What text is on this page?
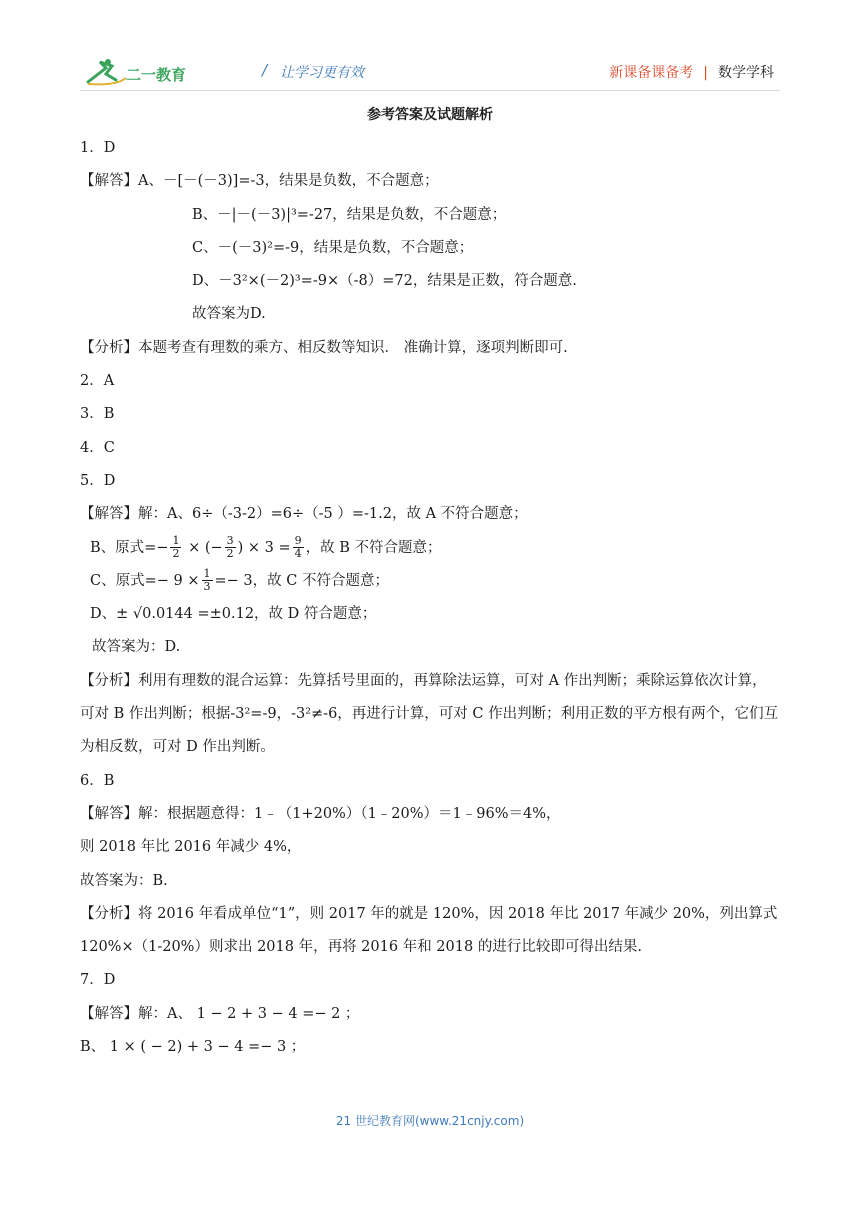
二一教育	/ 让学习更有效	新课备课备考 | 数学学科
参考答案及试题解析
1．D
【解答】A、－[－(－3)]=-3，结果是负数，不合题意；
B、－|－(－3)|³=-27，结果是负数，不合题意；
C、－(－3)²=-9，结果是负数，不合题意；
D、－3²×(－2)³=-9×（-8）=72，结果是正数，符合题意.
故答案为D.
【分析】本题考查有理数的乘方、相反数等知识． 准确计算，逐项判断即可.
2．A
3．B
4．C
5．D
【解答】解：A、6÷（-3-2）=6÷（-5 ）=-1.2，故 A 不符合题意；
B、原式=− $\frac{1}{2}$ × (− $\frac{3}{2}$ ) × $3 = \frac{9}{4}$ ，故 B 不符合题意；
C、原式=− $9 \times \frac{1}{3} =- 3$，故 C 不符合题意；
D、± √0.0144 =±0.12，故 D 符合题意；
故答案为：D.
【分析】利用有理数的混合运算：先算括号里面的，再算除法运算，可对 A 作出判断；乘除运算依次计算，可对 B 作出判断；根据-3²=-9，-3²≠-6，再进行计算，可对 C 作出判断；利用正数的平方根有两个，它们互为相反数，可对 D 作出判断。
6．B
【解答】解：根据题意得：1﹣（1+20%）（1﹣20%）＝1﹣96%＝4%，
则 2018 年比 2016 年减少 4%，
故答案为：B.
【分析】将 2016 年看成单位“1”，则 2017 年的就是 120%，因 2018 年比 2017 年减少 20%，列出算式 120%×（1-20%）则求出 2018 年，再将 2016 年和 2018 的进行比较即可得出结果.
7．D
【解答】解：A、 1 − 2 + 3 − 4 =− 2 ；
B、 1 × ( − 2) + 3 − 4 =− 3 ；
21 世纪教育网(www.21cnjy.com)
